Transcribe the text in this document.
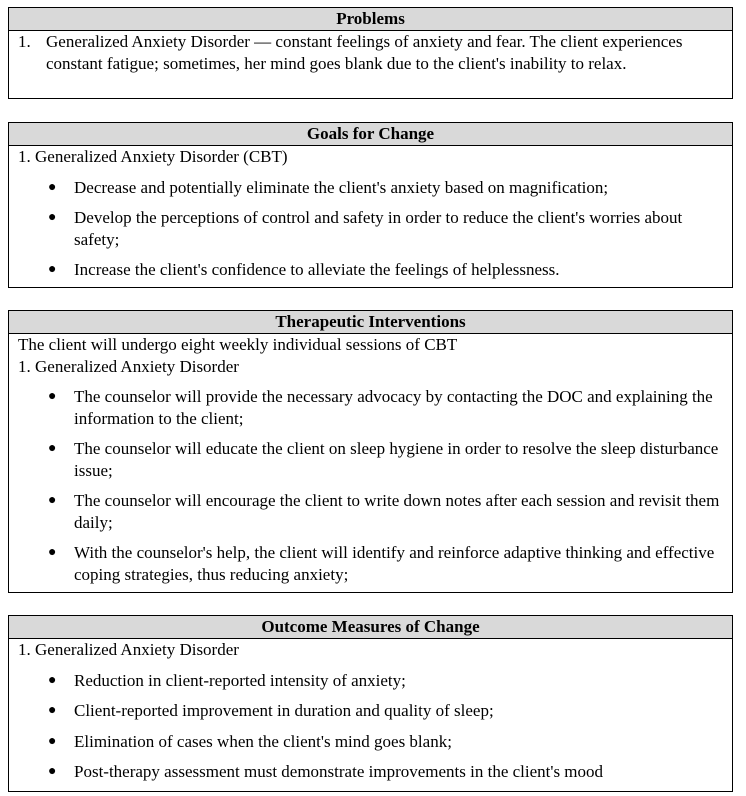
Problems
1. Generalized Anxiety Disorder — constant feelings of anxiety and fear. The client experiences constant fatigue; sometimes, her mind goes blank due to the client's inability to relax.
Goals for Change
1. Generalized Anxiety Disorder (CBT)
● Decrease and potentially eliminate the client's anxiety based on magnification;
● Develop the perceptions of control and safety in order to reduce the client's worries about safety;
● Increase the client's confidence to alleviate the feelings of helplessness.
Therapeutic Interventions
The client will undergo eight weekly individual sessions of CBT
1. Generalized Anxiety Disorder
● The counselor will provide the necessary advocacy by contacting the DOC and explaining the information to the client;
● The counselor will educate the client on sleep hygiene in order to resolve the sleep disturbance issue;
● The counselor will encourage the client to write down notes after each session and revisit them daily;
● With the counselor's help, the client will identify and reinforce adaptive thinking and effective coping strategies, thus reducing anxiety;
Outcome Measures of Change
1. Generalized Anxiety Disorder
● Reduction in client-reported intensity of anxiety;
● Client-reported improvement in duration and quality of sleep;
● Elimination of cases when the client's mind goes blank;
● Post-therapy assessment must demonstrate improvements in the client's mood
